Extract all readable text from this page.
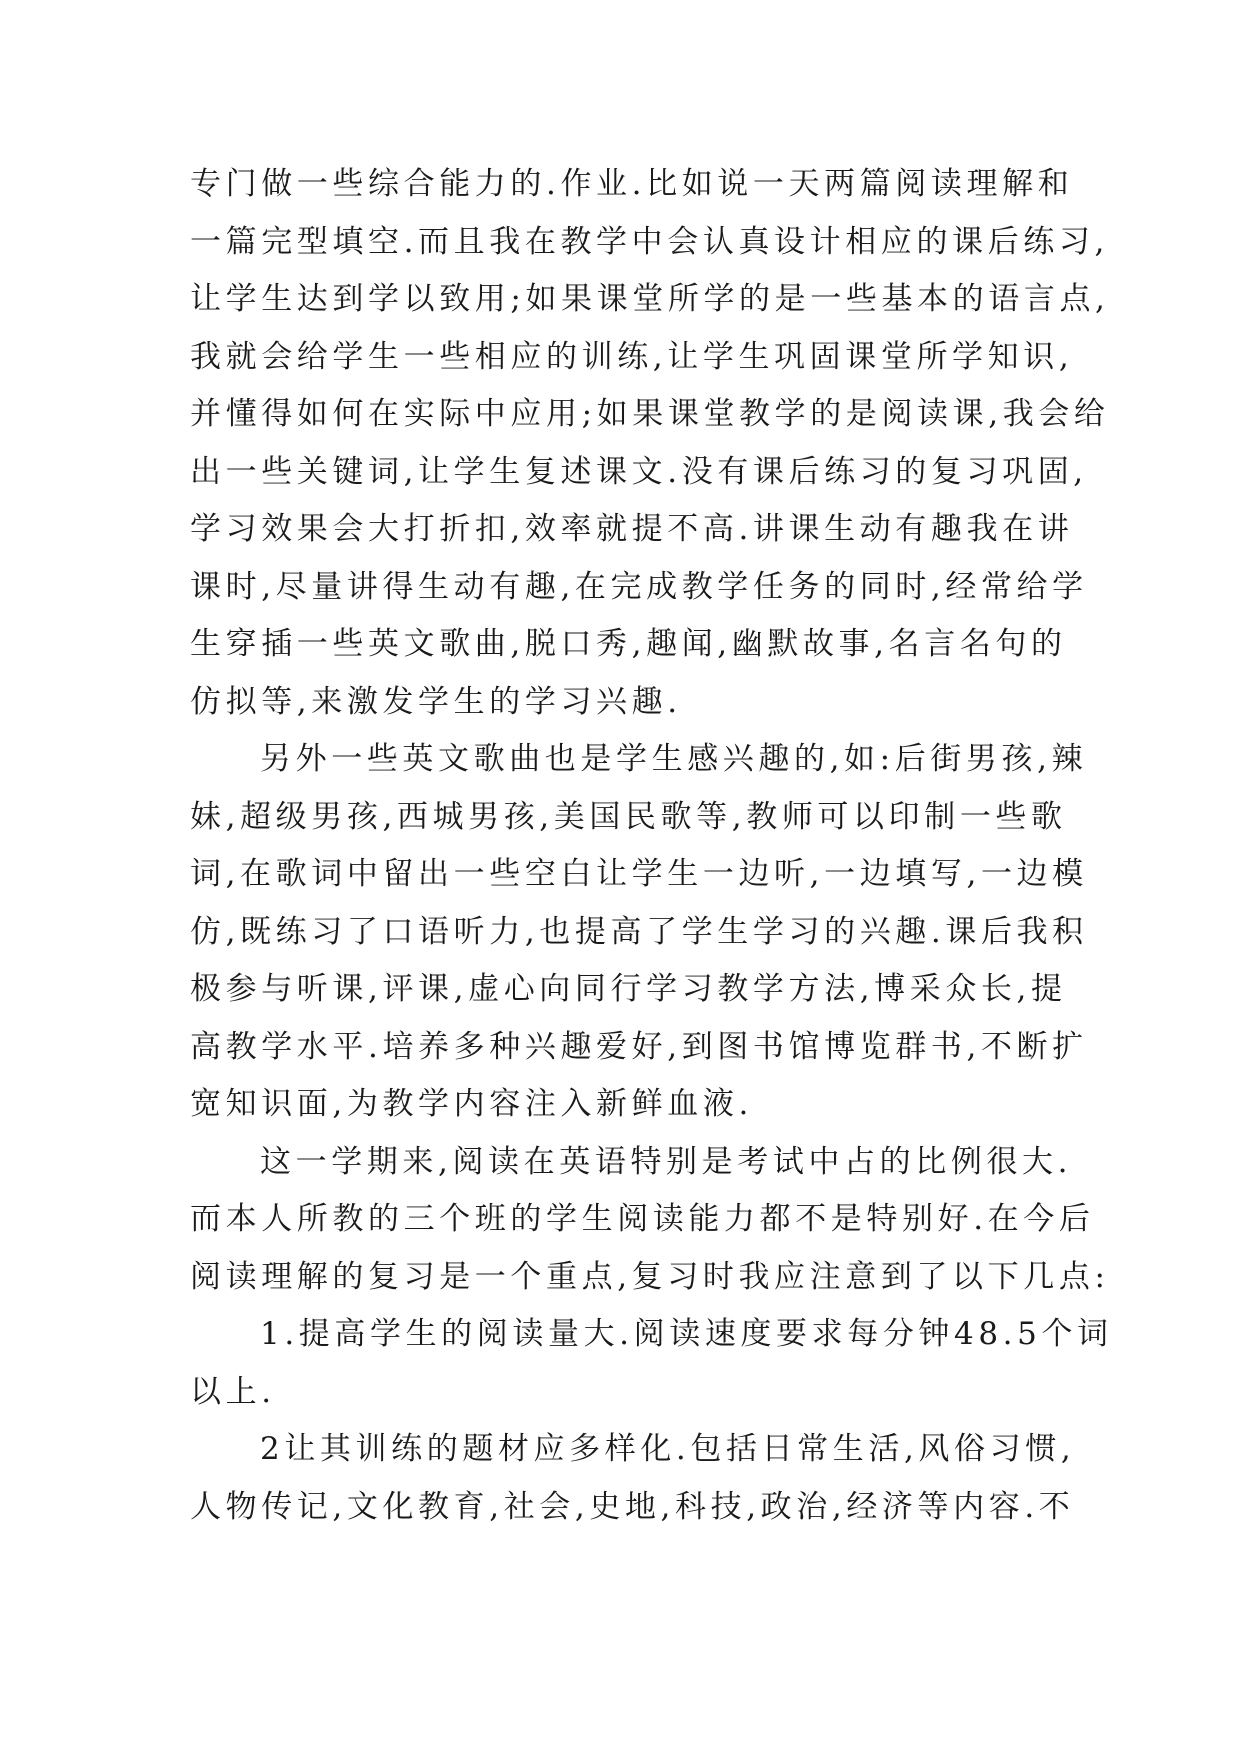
专门做一些综合能力的.作业.比如说一天两篇阅读理解和
一篇完型填空.而且我在教学中会认真设计相应的课后练习,
让学生达到学以致用;如果课堂所学的是一些基本的语言点,
我就会给学生一些相应的训练,让学生巩固课堂所学知识,
并懂得如何在实际中应用;如果课堂教学的是阅读课,我会给
出一些关键词,让学生复述课文.没有课后练习的复习巩固,
学习效果会大打折扣,效率就提不高.讲课生动有趣我在讲
课时,尽量讲得生动有趣,在完成教学任务的同时,经常给学
生穿插一些英文歌曲,脱口秀,趣闻,幽默故事,名言名句的
仿拟等,来激发学生的学习兴趣.
另外一些英文歌曲也是学生感兴趣的,如:后街男孩,辣
妹,超级男孩,西城男孩,美国民歌等,教师可以印制一些歌
词,在歌词中留出一些空白让学生一边听,一边填写,一边模
仿,既练习了口语听力,也提高了学生学习的兴趣.课后我积
极参与听课,评课,虚心向同行学习教学方法,博采众长,提
高教学水平.培养多种兴趣爱好,到图书馆博览群书,不断扩
宽知识面,为教学内容注入新鲜血液.
这一学期来,阅读在英语特别是考试中占的比例很大.
而本人所教的三个班的学生阅读能力都不是特别好.在今后
阅读理解的复习是一个重点,复习时我应注意到了以下几点:
1.提高学生的阅读量大.阅读速度要求每分钟48.5个词
以上.
2让其训练的题材应多样化.包括日常生活,风俗习惯,
人物传记,文化教育,社会,史地,科技,政治,经济等内容.不
